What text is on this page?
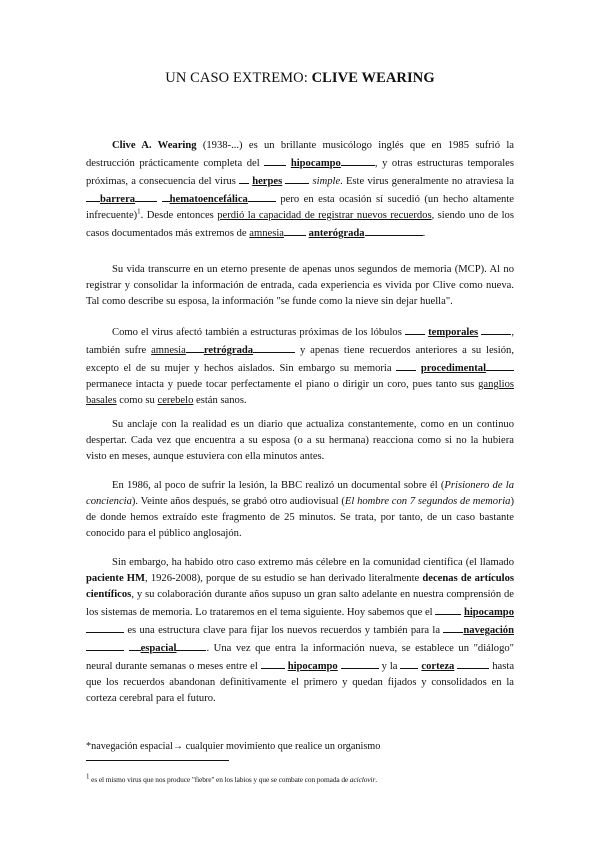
UN CASO EXTREMO: CLIVE WEARING

Clive A. Wearing (1938-...) es un brillante musicólogo inglés que en 1985 sufrió la destrucción prácticamente completa del	hipocampo	, y otras estructuras temporales próximas, a consecuencia del virus  herpes	simple. Este virus generalmente no atraviesa la barrera	hematoencefálica	pero en esta ocasión sí sucedió (un hecho altamente infrecuente)$^1$. Desde entonces perdió la capacidad de registrar nuevos recuerdos, siendo uno de los casos documentados más extremos de amnesia anterógrada	.

Su vida transcurre en un eterno presente de apenas unos segundos de memoria (MCP). Al no registrar y consolidar la información de entrada, cada experiencia es vivida por Clive como nueva. Tal como describe su esposa, la información "se funde como la nieve sin dejar huella".

Como el virus afectó también a estructuras próximas de los lóbulos  temporales	, también sufre amnesia retrógrada	y apenas tiene recuerdos anteriores a su lesión, excepto el de su mujer y hechos aislados. Sin embargo su memoria  procedimental permanece intacta y puede tocar perfectamente el piano o dirigir un coro, pues tanto sus ganglios basales como su cerebelo están sanos.

Su anclaje con la realidad es un diario que actualiza constantemente, como en un continuo despertar. Cada vez que encuentra a su esposa (o a su hermana) reacciona como si no la hubiera visto en meses, aunque estuviera con ella minutos antes.

En 1986, al poco de sufrir la lesión, la BBC realizó un documental sobre él (Prisionero de la conciencia). Veinte años después, se grabó otro audiovisual (El hombre con 7 segundos de memoria) de donde hemos extraído este fragmento de 25 minutos. Se trata, por tanto, de un caso bastante conocido para el público anglosajón.

Sin embargo, ha habido otro caso extremo más célebre en la comunidad científica (el llamado paciente HM, 1926-2008), porque de su estudio se han derivado literalmente decenas de artículos científicos, y su colaboración durante años supuso un gran salto adelante en nuestra comprensión de los sistemas de memoria. Lo trataremos en el tema siguiente. Hoy sabemos que el	hipocampo  es una estructura clave para fijar los nuevos recuerdos y también para la navegación espacial	. Una vez que entra la información nueva, se establece un "diálogo" neural durante semanas o meses entre el	hipocampo	y la  corteza	hasta que los recuerdos abandonan definitivamente el primero y quedan fijados y consolidados en la corteza cerebral para el futuro.

*navegación espacial→ cualquier movimiento que realice un organismo
$^1$ es el mismo virus que nos produce "fiebre" en los labios y que se combate con pomada de aciclovir.
